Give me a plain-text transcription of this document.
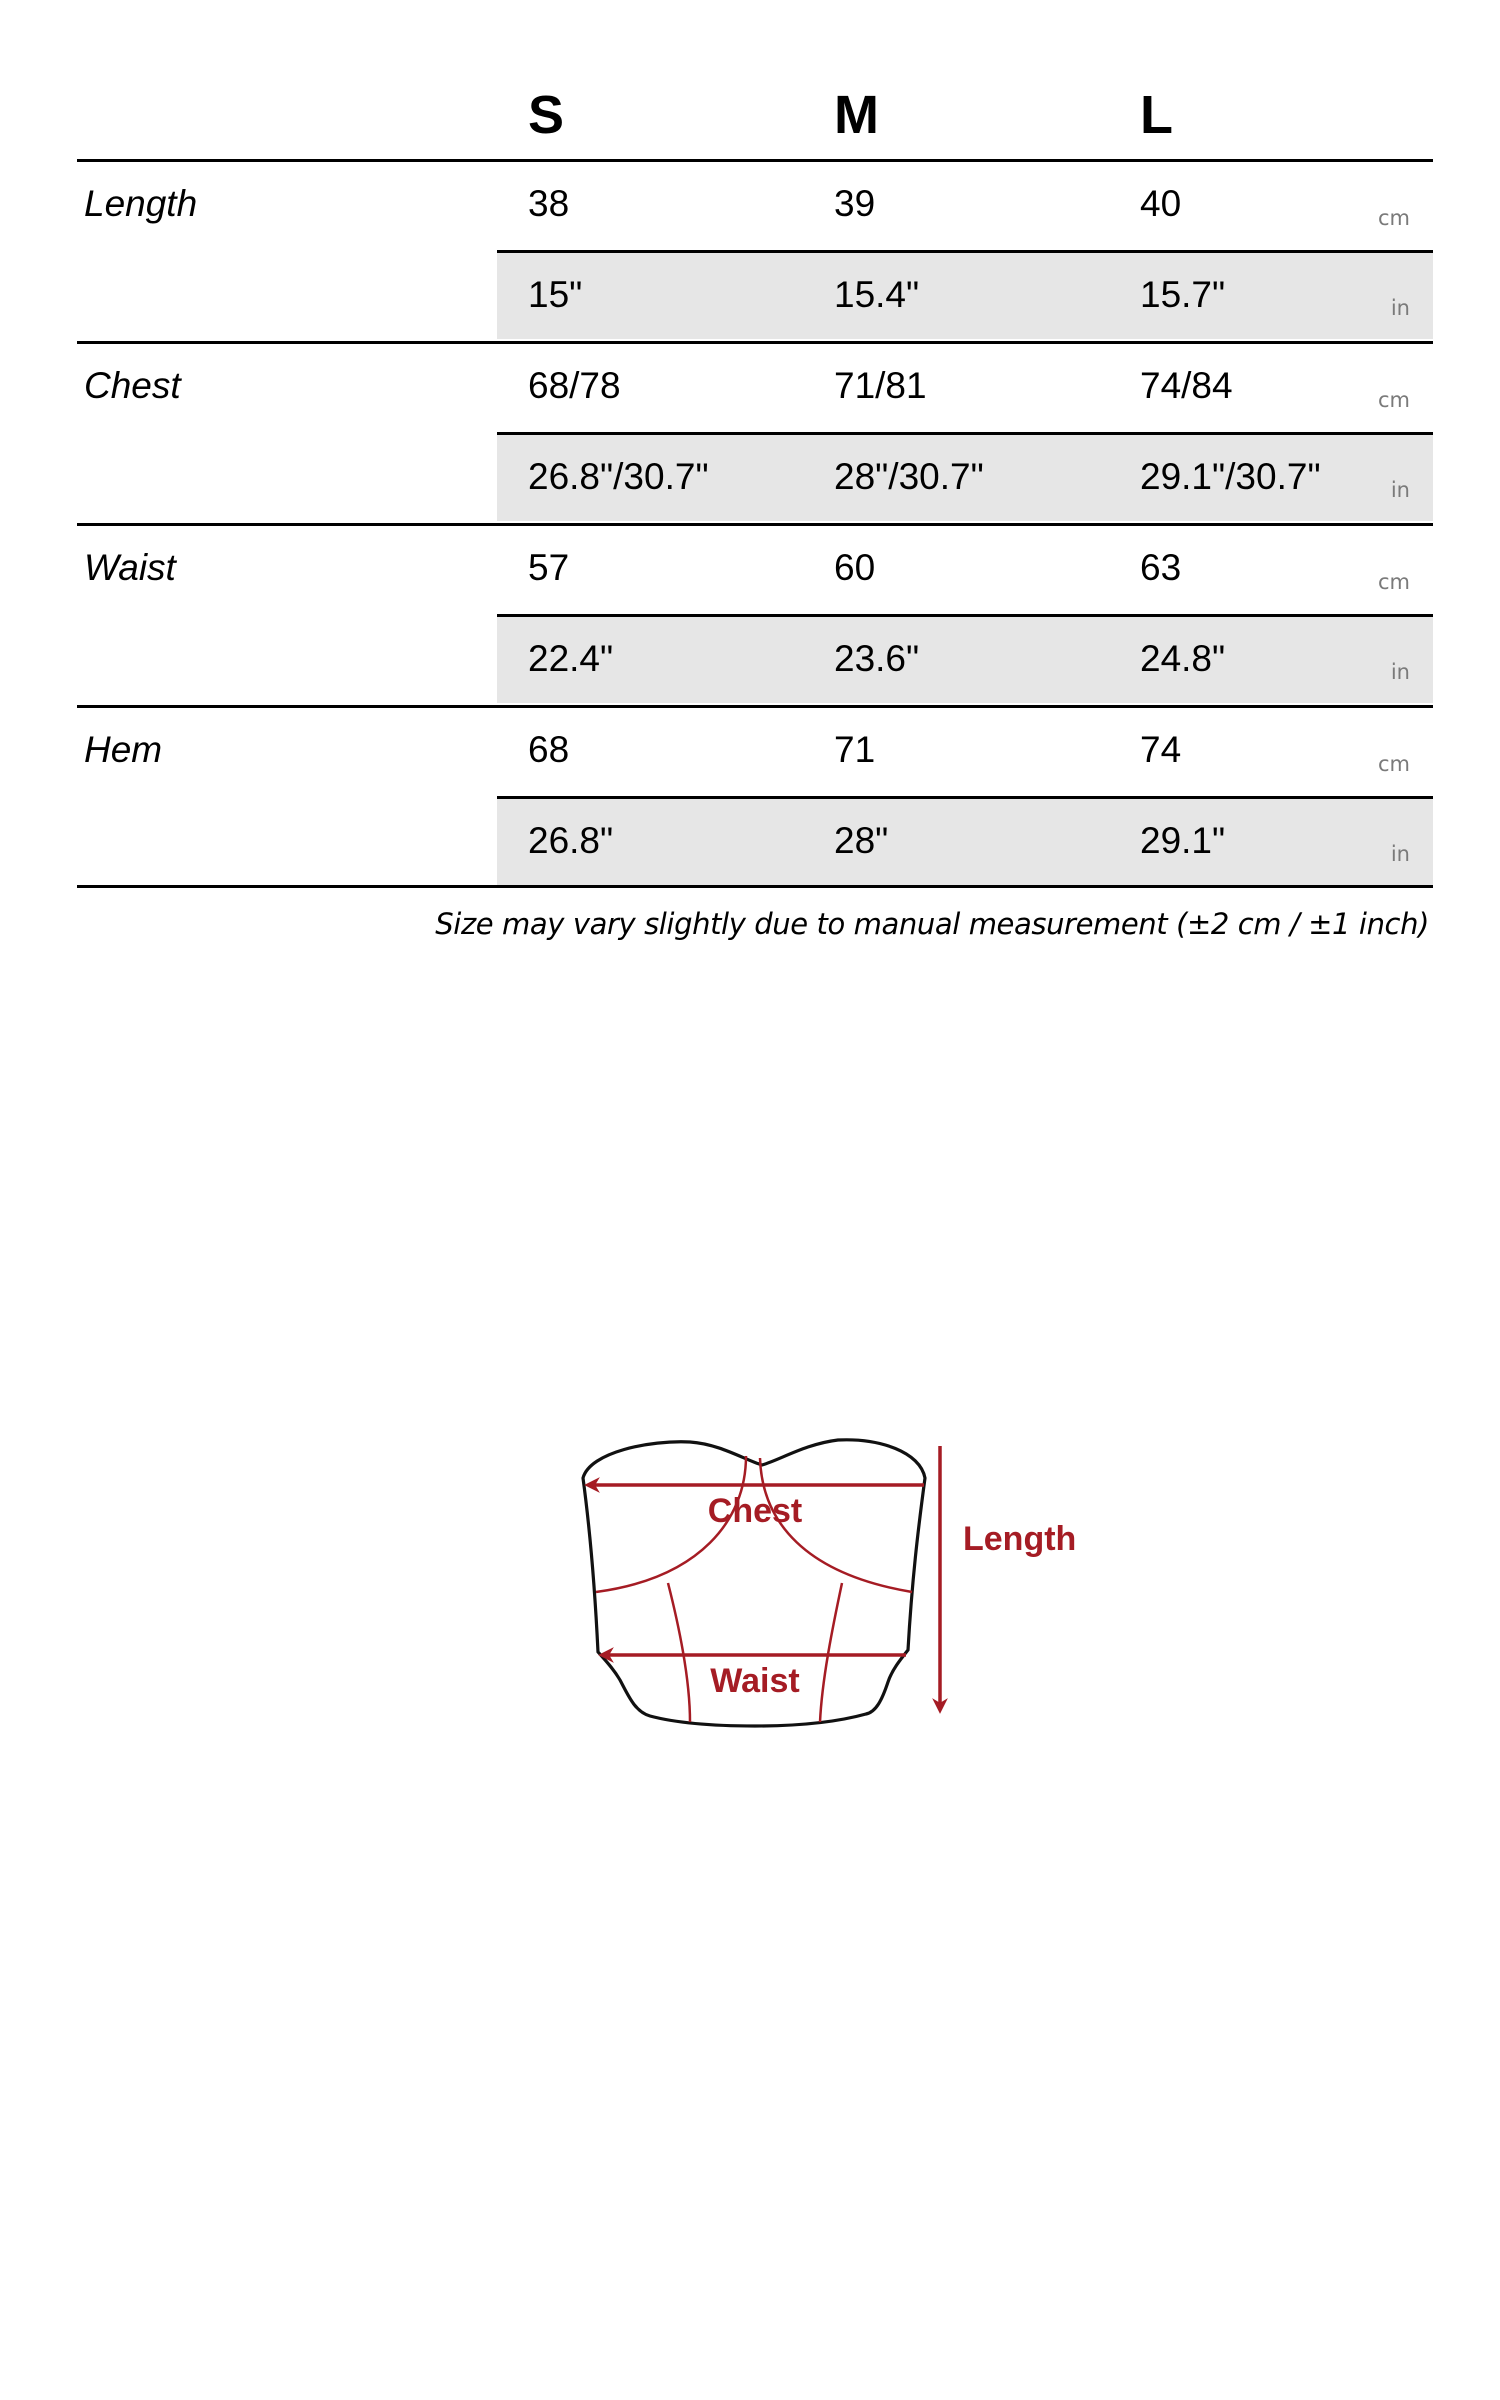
S	M	L
Length	38	39	40	cm
15"	15.4"	15.7"	in
Chest	68/78	71/81	74/84	cm
26.8"/30.7"	28"/30.7"	29.1"/30.7"	in
Waist	57	60	63	cm
22.4"	23.6"	24.8"	in
Hem	68	71	74	cm
26.8"	28"	29.1"	in
Size may vary slightly due to manual measurement (±2 cm / ±1 inch)
Chest
Waist
Length
